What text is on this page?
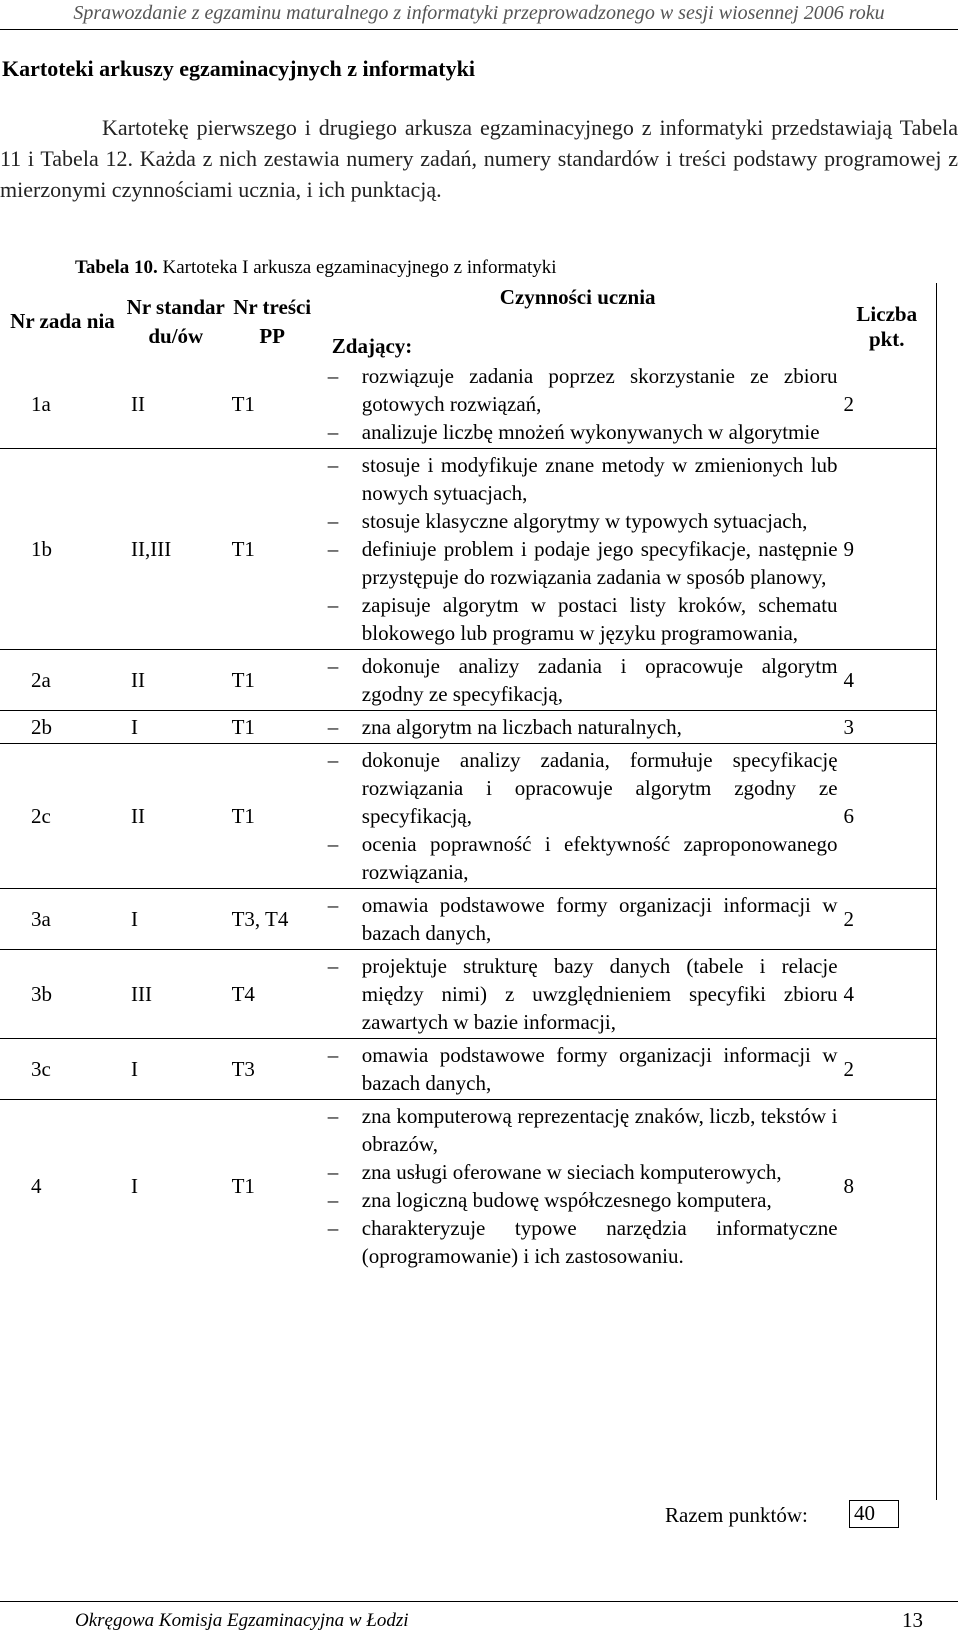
Sprawozdanie z egzaminu maturalnego z informatyki przeprowadzonego w sesji wiosennej 2006 roku
Kartoteki arkuszy egzaminacyjnych z informatyki
Kartotekę pierwszego i drugiego arkusza egzaminacyjnego z informatyki przedstawiają Tabela 11 i Tabela 12. Każda z nich zestawia numery zadań, numery standardów i treści podstawy programowej z mierzonymi czynnościami ucznia, i ich punktacją.
Tabela 10. Kartoteka I arkusza egzaminacyjnego z informatyki
Nr zada nia	Nr standar du/ów	Nr treści PP	Czynności ucznia
Zdający:	Liczba pkt.
1a	II	T1	– rozwiązuje zadania poprzez skorzystanie ze zbioru gotowych rozwiązań,
– analizuje liczbę mnożeń wykonywanych w algorytmie	2
1b	II,III	T1	– stosuje i modyfikuje znane metody w zmienionych lub nowych sytuacjach,
– stosuje klasyczne algorytmy w typowych sytuacjach,
– definiuje problem i podaje jego specyfikacje, następnie przystępuje do rozwiązania zadania w sposób planowy,
– zapisuje algorytm w postaci listy kroków, schematu blokowego lub programu w języku programowania,	9
2a	II	T1	– dokonuje analizy zadania i opracowuje algorytm zgodny ze specyfikacją,	4
2b	I	T1	– zna algorytm na liczbach naturalnych,	3
2c	II	T1	– dokonuje analizy zadania, formułuje specyfikację rozwiązania i opracowuje algorytm zgodny ze specyfikacją,
– ocenia poprawność i efektywność zaproponowanego rozwiązania,	6
3a	I	T3, T4	– omawia podstawowe formy organizacji informacji w bazach danych,	2
3b	III	T4	– projektuje strukturę bazy danych (tabele i relacje między nimi) z uwzględnieniem specyfiki zbioru zawartych w bazie informacji,	4
3c	I	T3	– omawia podstawowe formy organizacji informacji w bazach danych,	2
4	I	T1	– zna komputerową reprezentację znaków, liczb, tekstów i obrazów,
– zna usługi oferowane w sieciach komputerowych,
– zna logiczną budowę współczesnego komputera,
– charakteryzuje typowe narzędzia informatyczne (oprogramowanie) i ich zastosowaniu.	8
Razem punktów: 40
Okręgowa Komisja Egzaminacyjna w Łodzi	13
